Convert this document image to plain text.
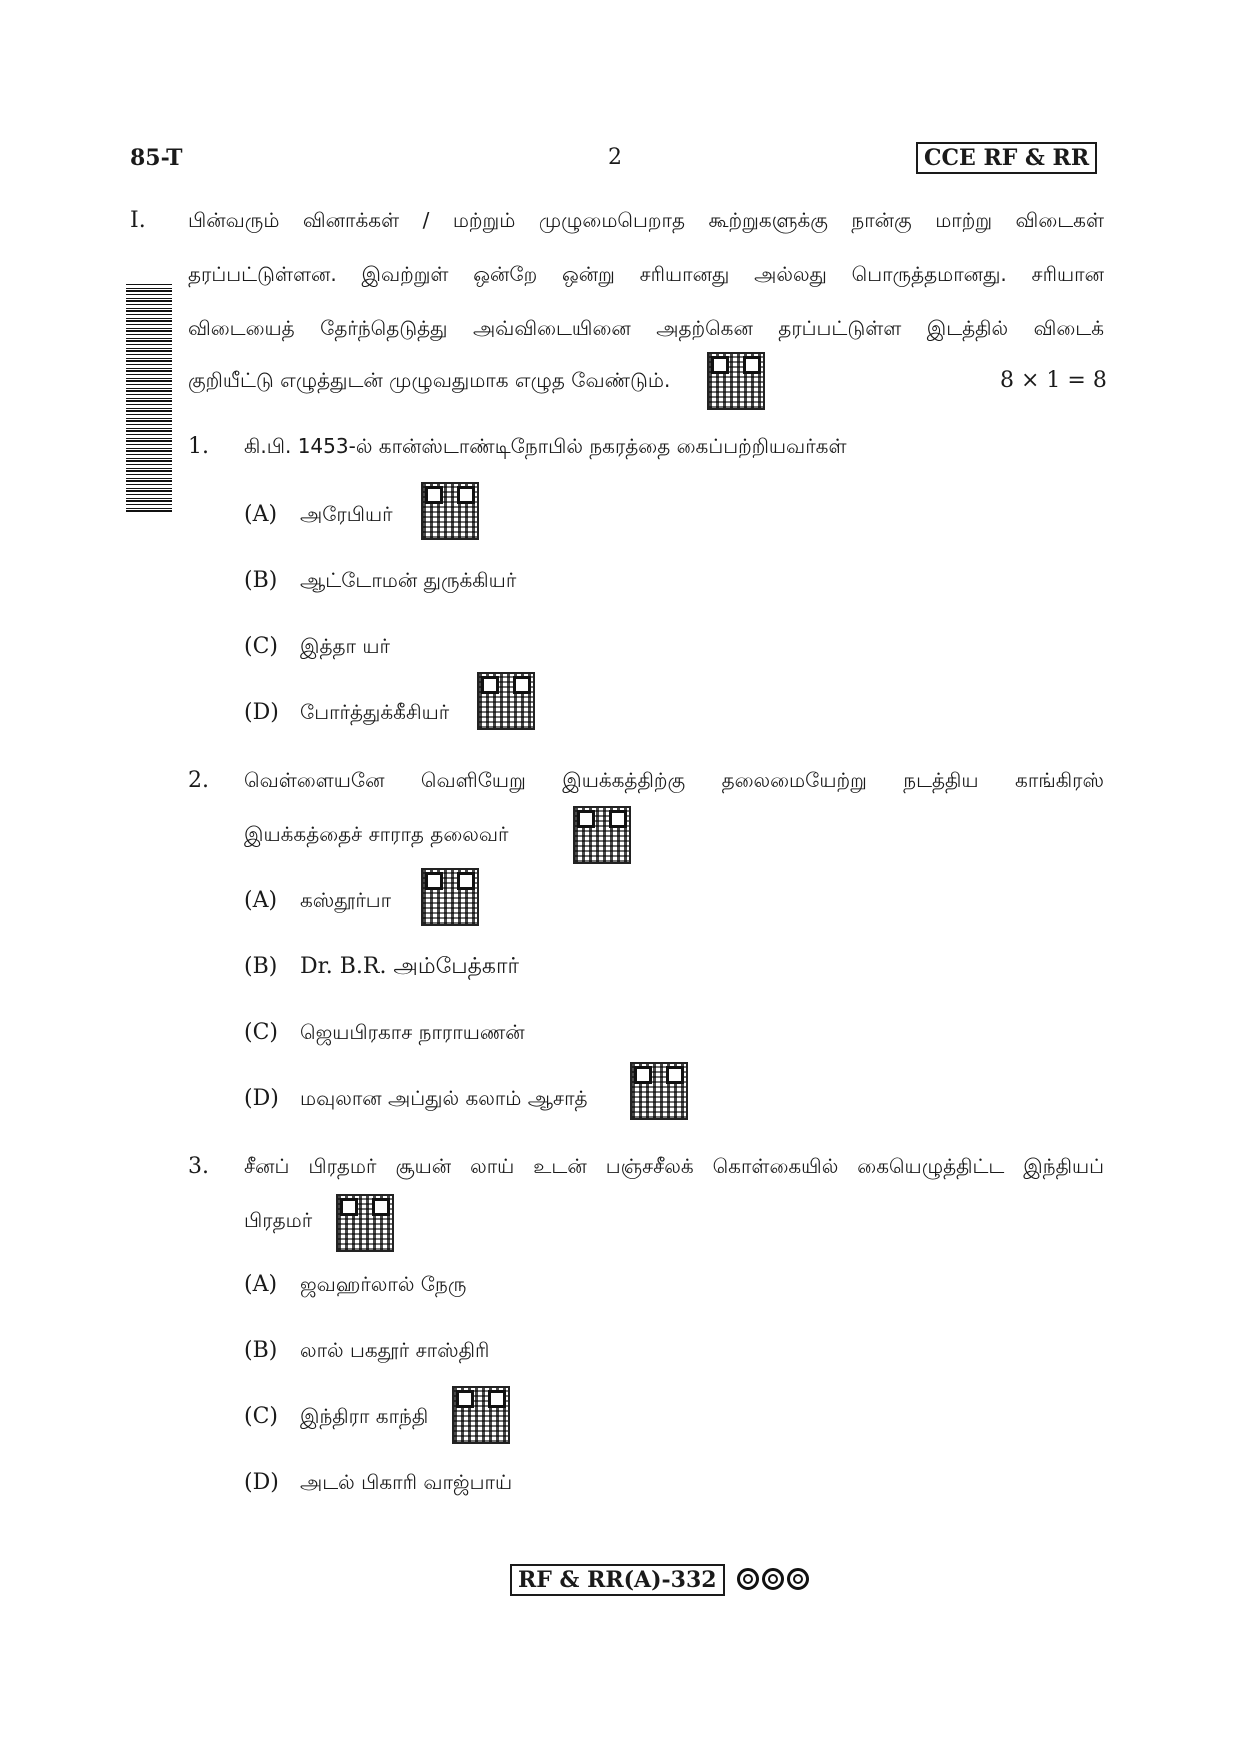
85-T	2	CCE RF & RR
I. பின்வரும் வினாக்கள் / மற்றும் முழுமைபெறாத கூற்றுகளுக்கு நான்கு மாற்று விடைகள்
தரப்பட்டுள்ளன. இவற்றுள் ஒன்றே ஒன்று சரியானது அல்லது பொருத்தமானது. சரியான
விடையைத் தேர்ந்தெடுத்து அவ்விடையினை அதற்கென தரப்பட்டுள்ள இடத்தில் விடைக்
குறியீட்டு எழுத்துடன் முழுவதுமாக எழுத வேண்டும்.	8 × 1 = 8
1. கி.பி. 1453-ல் கான்ஸ்டாண்டிநோபில் நகரத்தை கைப்பற்றியவர்கள்
(A) அரேபியர்
(B) ஆட்டோமன் துருக்கியர்
(C) இத்தா யர்
(D) போர்த்துக்கீசியர்
2. வெள்ளையனே வெளியேறு இயக்கத்திற்கு தலைமையேற்று நடத்திய காங்கிரஸ்
இயக்கத்தைச் சாராத தலைவர்
(A) கஸ்தூர்பா
(B) Dr. B.R. அம்பேத்கார்
(C) ஜெயபிரகாச நாராயணன்
(D) மவுலான அப்துல் கலாம் ஆசாத்
3. சீனப் பிரதமர் சூயன் லாய் உடன் பஞ்சசீலக் கொள்கையில் கையெழுத்திட்ட இந்தியப்
பிரதமர்
(A) ஜவஹர்லால் நேரு
(B) லால் பகதூர் சாஸ்திரி
(C) இந்திரா காந்தி
(D) அடல் பிகாரி வாஜ்பாய்
RF & RR(A)-332
